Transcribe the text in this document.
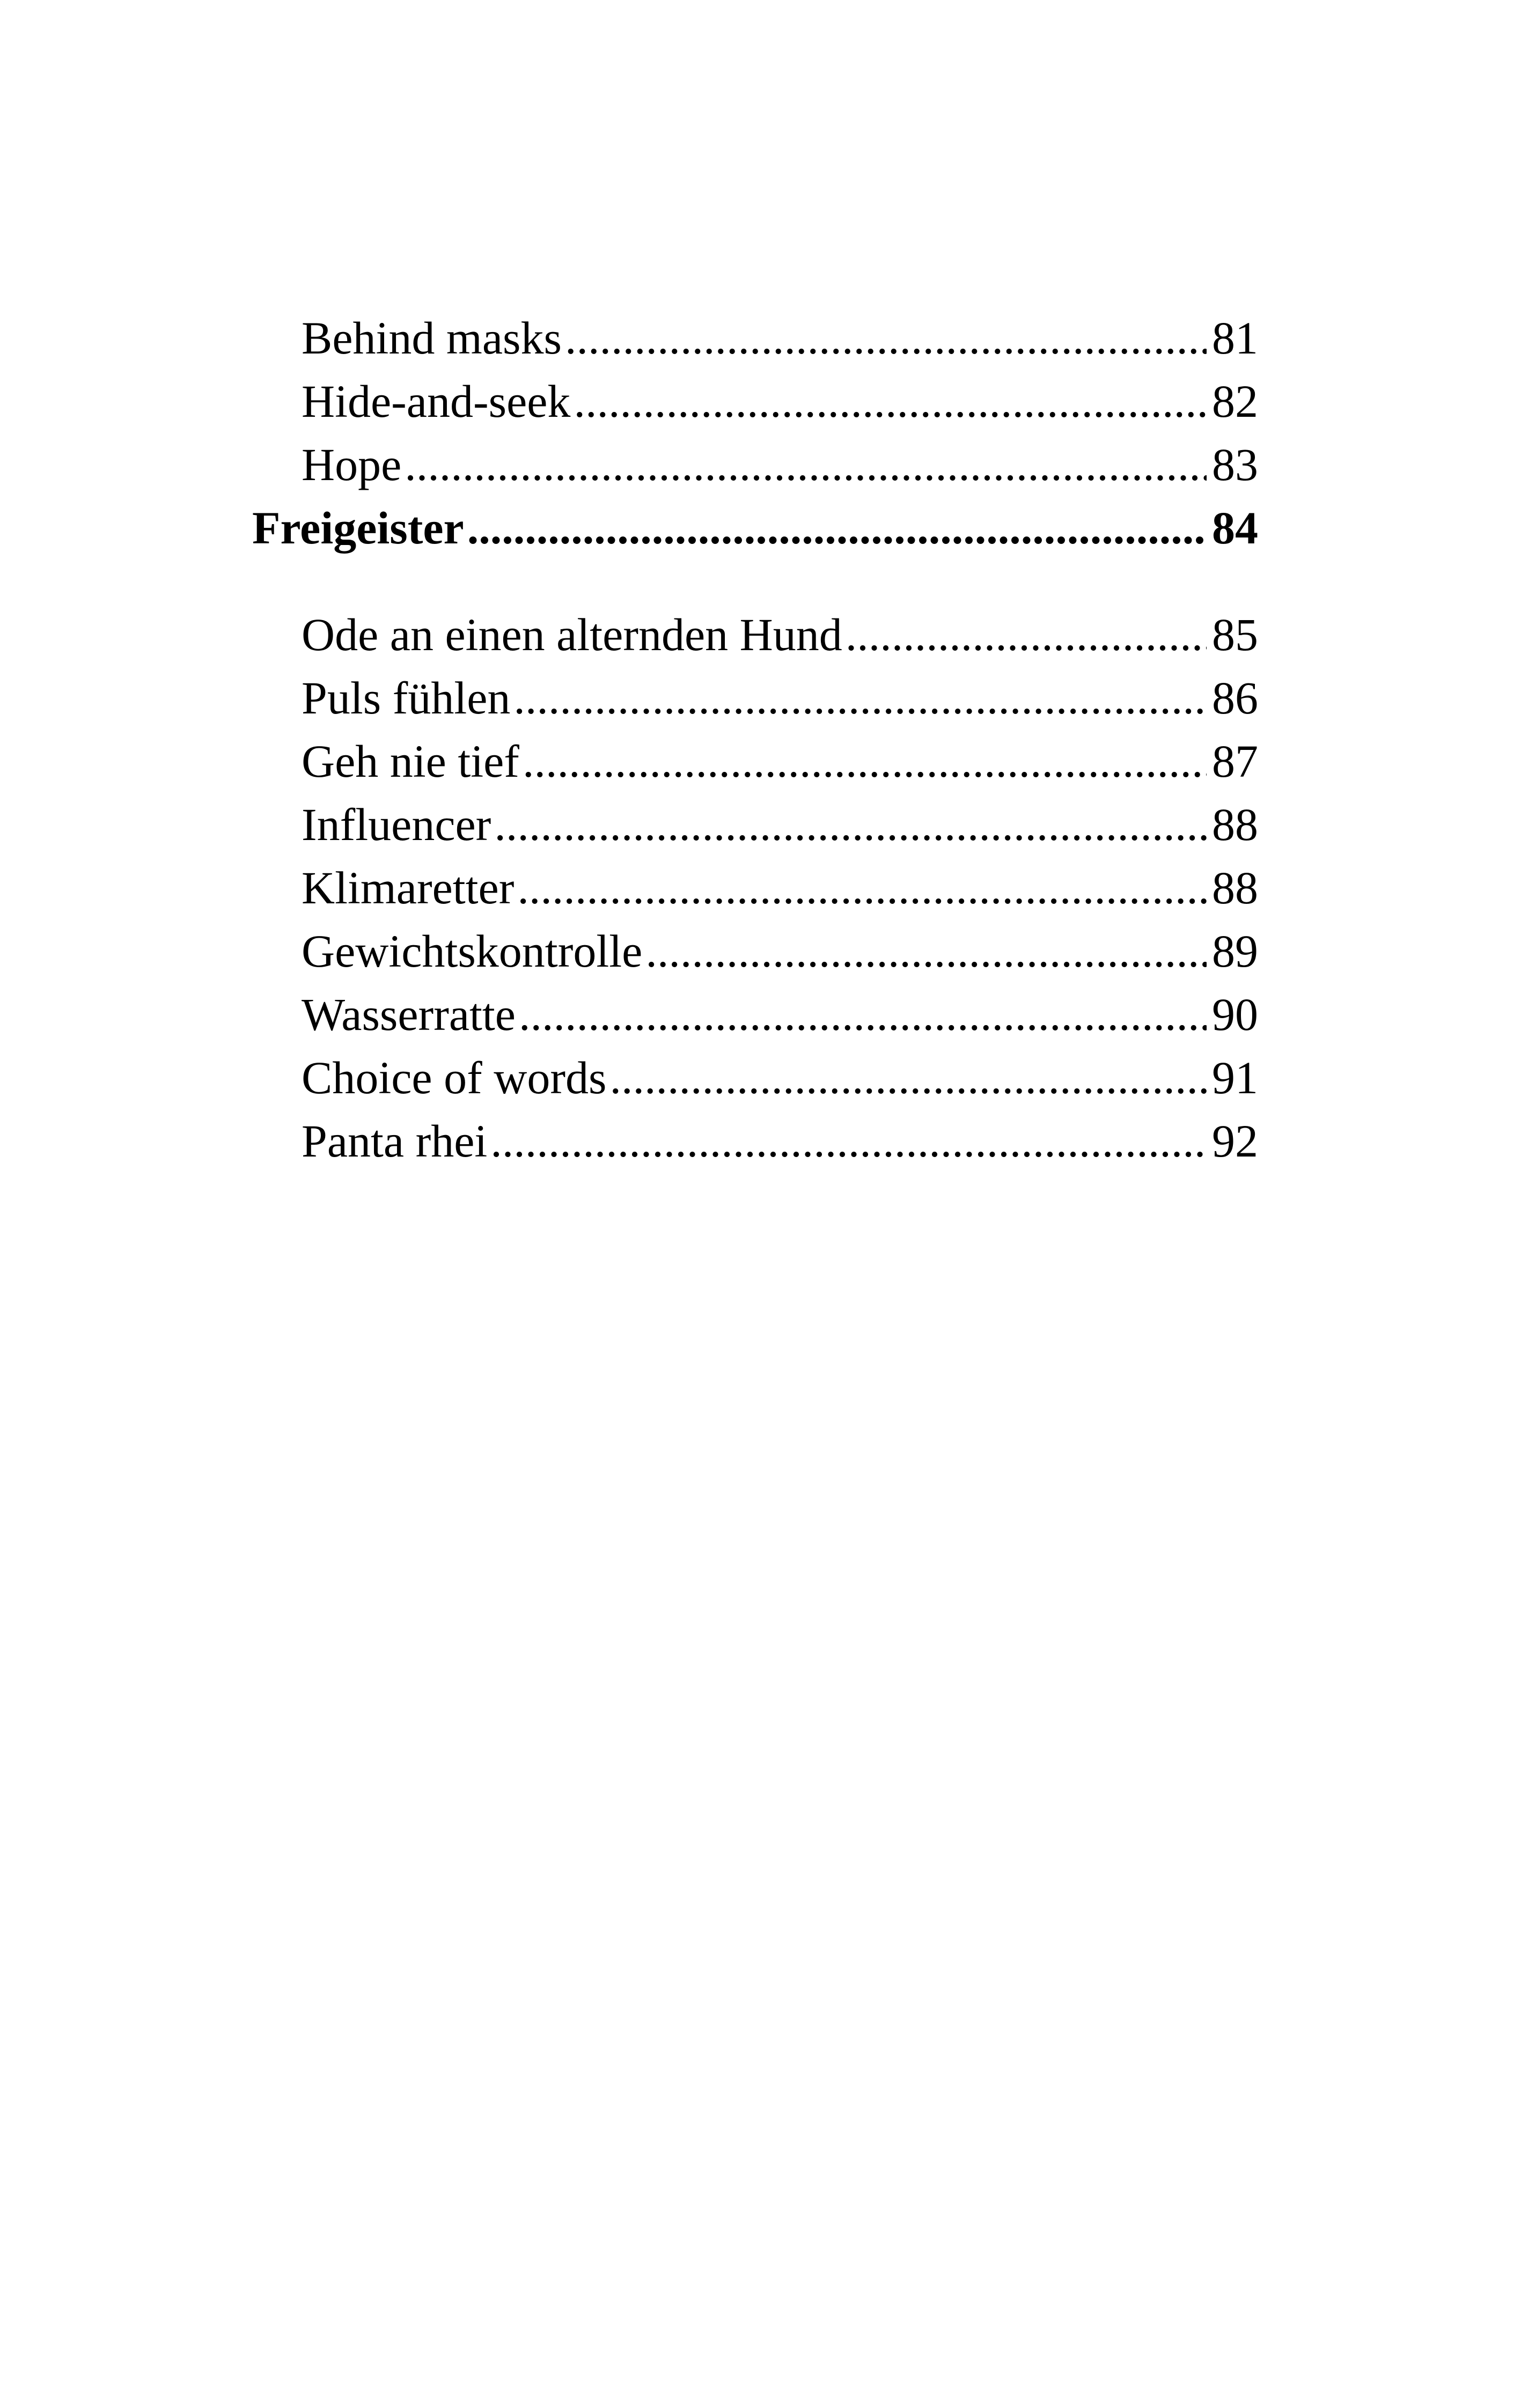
Behind masks .....	81
Hide-and-seek .....	82
Hope .....	83
Freigeister .....	84
Ode an einen alternden Hund .....	85
Puls fühlen .....	86
Geh nie tief .....	87
Influencer .....	88
Klimaretter .....	88
Gewichtskontrolle .....	89
Wasserratte .....	90
Choice of words .....	91
Panta rhei .....	92
